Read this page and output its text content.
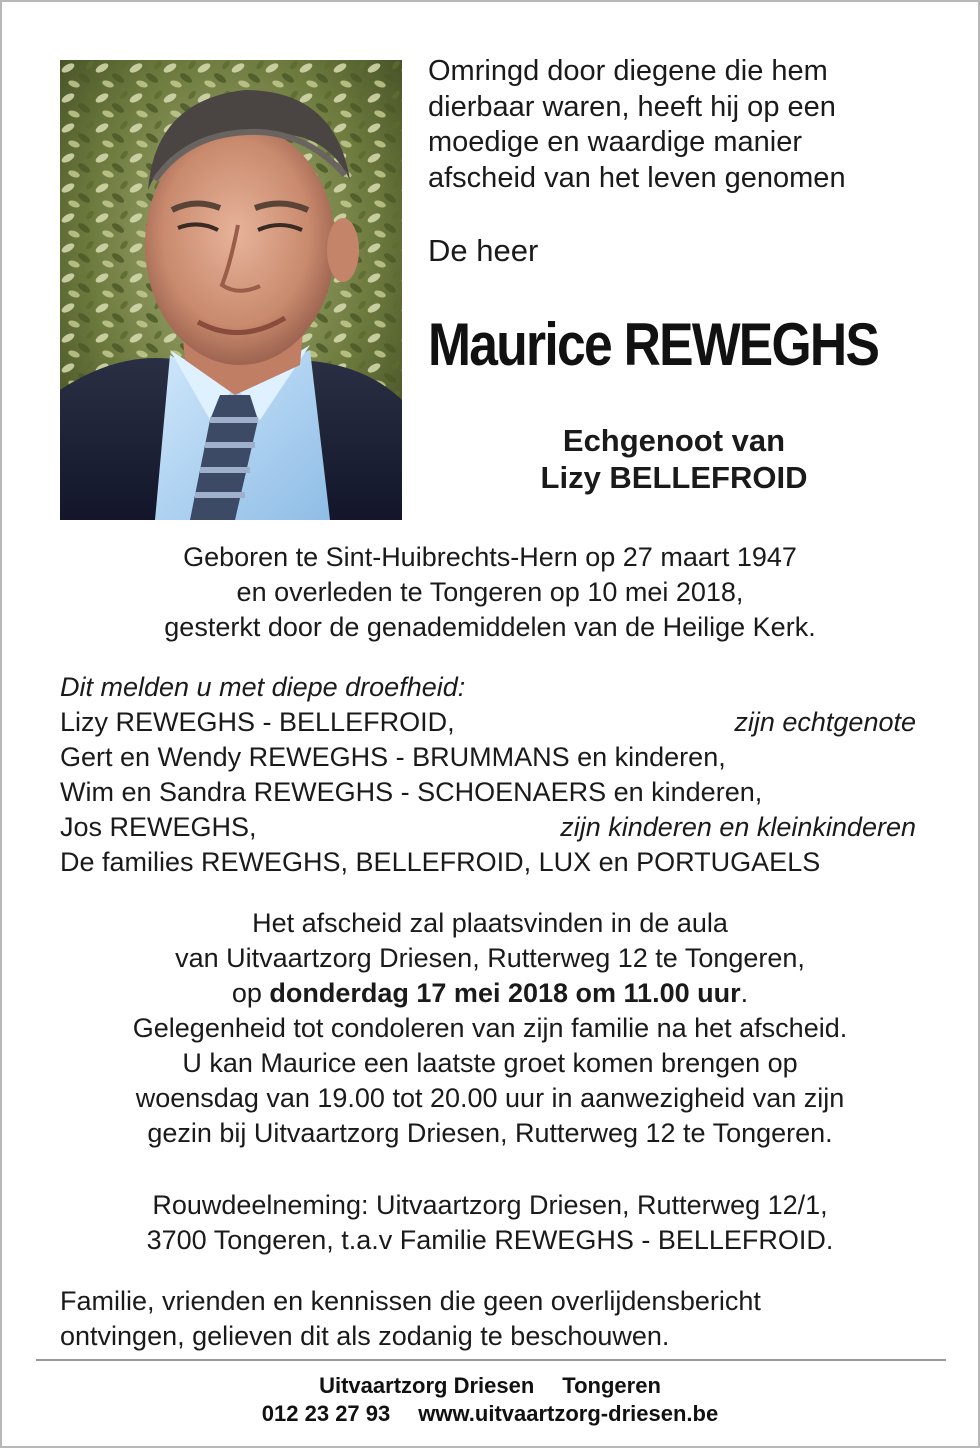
Omringd door diegene die hem
dierbaar waren, heeft hij op een
moedige en waardige manier
afscheid van het leven genomen
De heer
Maurice REWEGHS
Echgenoot van
Lizy BELLEFROID
Geboren te Sint-Huibrechts-Hern op 27 maart 1947
en overleden te Tongeren op 10 mei 2018,
gesterkt door de genademiddelen van de Heilige Kerk.
Dit melden u met diepe droefheid:
Lizy REWEGHS - BELLEFROID,	zijn echtgenote
Gert en Wendy REWEGHS - BRUMMANS en kinderen,
Wim en Sandra REWEGHS - SCHOENAERS en kinderen,
Jos REWEGHS,	zijn kinderen en kleinkinderen
De families REWEGHS, BELLEFROID, LUX en PORTUGAELS
Het afscheid zal plaatsvinden in de aula
van Uitvaartzorg Driesen, Rutterweg 12 te Tongeren,
op donderdag 17 mei 2018 om 11.00 uur.
Gelegenheid tot condoleren van zijn familie na het afscheid.
U kan Maurice een laatste groet komen brengen op
woensdag van 19.00 tot 20.00 uur in aanwezigheid van zijn
gezin bij Uitvaartzorg Driesen, Rutterweg 12 te Tongeren.
Rouwdeelneming: Uitvaartzorg Driesen, Rutterweg 12/1,
3700 Tongeren, t.a.v Familie REWEGHS - BELLEFROID.
Familie, vrienden en kennissen die geen overlijdensbericht
ontvingen, gelieven dit als zodanig te beschouwen.
Uitvaartzorg Driesen Tongeren
012 23 27 93 www.uitvaartzorg-driesen.be
